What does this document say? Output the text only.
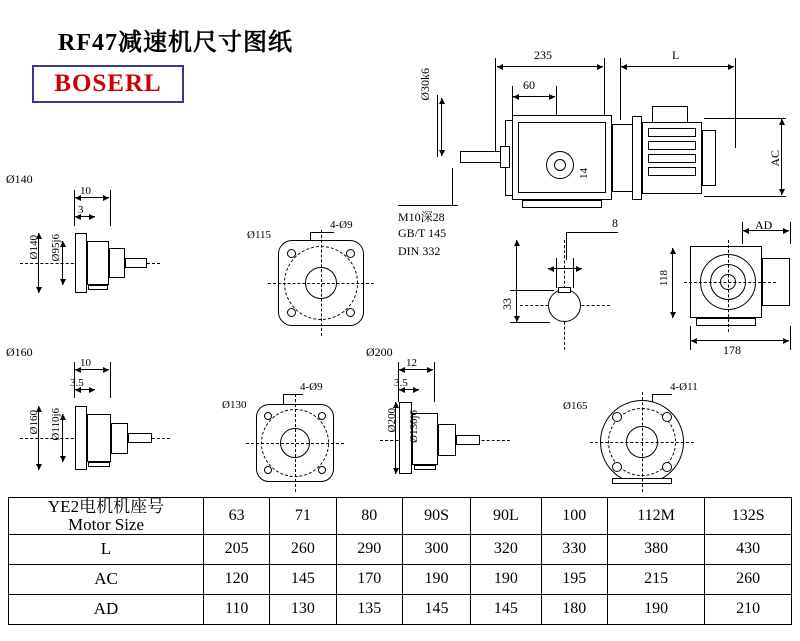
RF47减速机尺寸图纸
BOSERL
235	L
60
Ø30k6
AC
14
M10深28
GB/T 145
DIN 332
8
33
AD
118
178
Ø140
10
3
Ø140 Ø95j6
4-Ø9
Ø115
Ø160
10
3.5
Ø160 Ø110j6
4-Ø9
Ø130
Ø200
12
3.5
Ø200 Ø130j6
4-Ø11
Ø165
YE2电机机座号
Motor Size	63	71	80	90S	90L	100	112M	132S
L	205	260	290	300	320	330	380	430
AC	120	145	170	190	190	195	215	260
AD	110	130	135	145	145	180	190	210
